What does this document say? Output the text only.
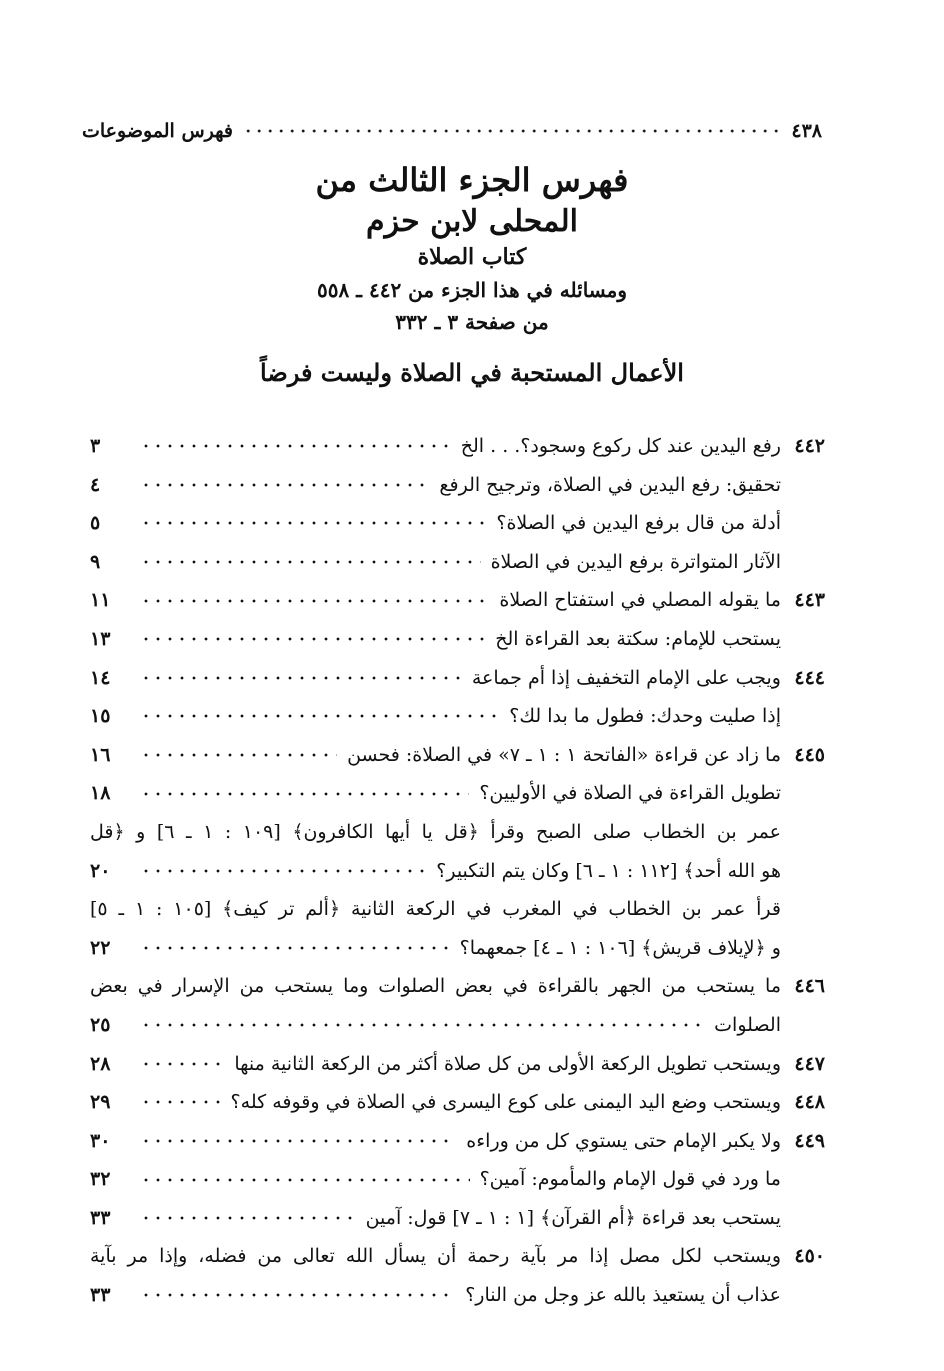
٤٣٨
فهرس الموضوعات
فهرس الجزء الثالث من
المحلى لابن حزم
كتاب الصلاة
ومسائله في هذا الجزء من ٤٤٢ ـ ٥٥٨
من صفحة ٣ ـ ٣٣٢
الأعمال المستحبة في الصلاة وليست فرضاً
٤٤٢
رفع اليدين عند كل ركوع وسجود؟. . . الخ
٣
تحقيق: رفع اليدين في الصلاة، وترجيح الرفع
٤
أدلة من قال برفع اليدين في الصلاة؟
٥
الآثار المتواترة برفع اليدين في الصلاة
٩
٤٤٣
ما يقوله المصلي في استفتاح الصلاة
١١
يستحب للإمام: سكتة بعد القراءة الخ
١٣
٤٤٤
ويجب على الإمام التخفيف إذا أم جماعة
١٤
إذا صليت وحدك: فطول ما بدا لك؟
١٥
٤٤٥
ما زاد عن قراءة «الفاتحة ١ : ١ ـ ٧» في الصلاة: فحسن
١٦
تطويل القراءة في الصلاة في الأوليين؟
١٨
عمر بن الخطاب صلى الصبح وقرأ ﴿قل يا أيها الكافرون﴾ [١٠٩ : ١ ـ ٦] و ﴿قل
هو الله أحد﴾ [١١٢ : ١ ـ ٦] وكان يتم التكبير؟
٢٠
قرأ عمر بن الخطاب في المغرب في الركعة الثانية ﴿ألم تر كيف﴾ [١٠٥ : ١ ـ ٥]
و ﴿لإيلاف قريش﴾ [١٠٦ : ١ ـ ٤] جمعهما؟
٢٢
٤٤٦
ما يستحب من الجهر بالقراءة في بعض الصلوات وما يستحب من الإسرار في بعض
الصلوات
٢٥
٤٤٧
ويستحب تطويل الركعة الأولى من كل صلاة أكثر من الركعة الثانية منها
٢٨
٤٤٨
ويستحب وضع اليد اليمنى على كوع اليسرى في الصلاة في وقوفه كله؟
٢٩
٤٤٩
ولا يكبر الإمام حتى يستوي كل من وراءه
٣٠
ما ورد في قول الإمام والمأموم: آمين؟
٣٢
يستحب بعد قراءة ﴿أم القرآن﴾ [١ : ١ ـ ٧] قول: آمين
٣٣
٤٥٠
ويستحب لكل مصل إذا مر بآية رحمة أن يسأل الله تعالى من فضله، وإذا مر بآية
عذاب أن يستعيذ بالله عز وجل من النار؟
٣٣
